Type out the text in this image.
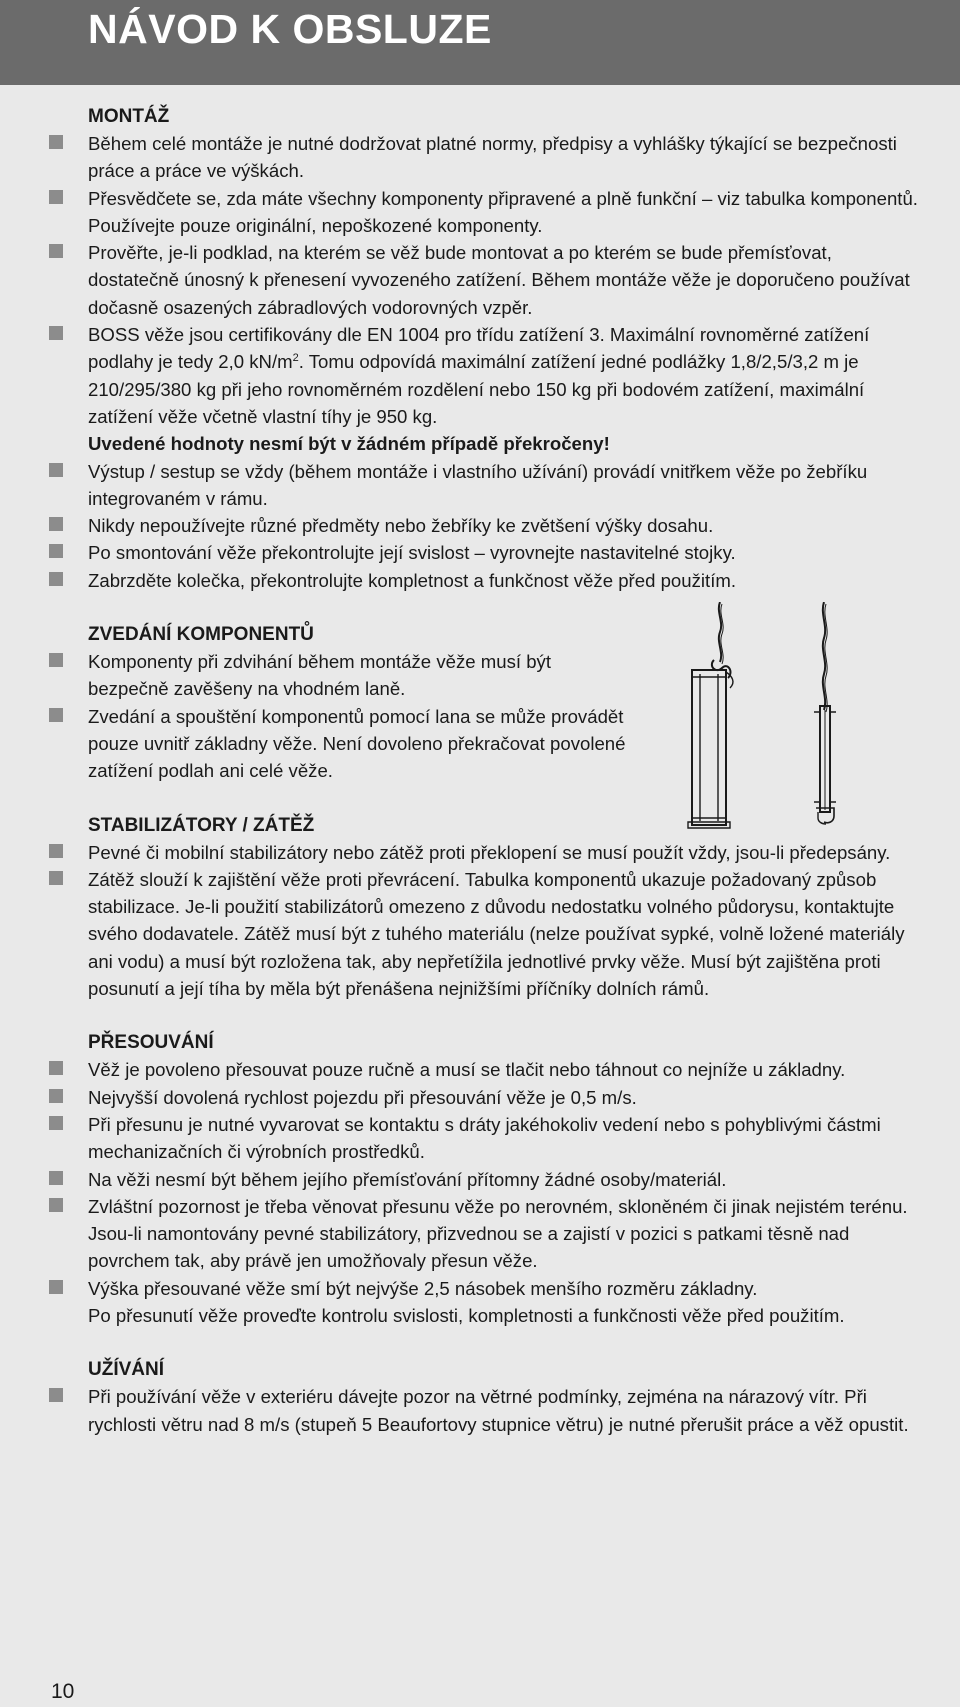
NÁVOD K OBSLUZE

MONTÁŽ

Během celé montáže je nutné dodržovat platné normy, předpisy a vyhlášky týkající se bezpečnosti práce a práce ve výškách.
Přesvědčete se, zda máte všechny komponenty připravené a plně funkční – viz tabulka komponentů. Používejte pouze originální, nepoškozené komponenty.
Prověřte, je-li podklad, na kterém se věž bude montovat a po kterém se bude přemísťovat, dostatečně únosný k přenesení vyvozeného zatížení. Během montáže věže je doporučeno používat dočasně osazených zábradlových vodorovných vzpěr.
BOSS věže jsou certifikovány dle EN 1004 pro třídu zatížení 3. Maximální rovnoměrné zatížení podlahy je tedy 2,0 $kN/m^2$. Tomu odpovídá maximální zatížení jedné podlážky 1,8/2,5/3,2 m je 210/295/380 kg při jeho rovnoměrném rozdělení nebo 150 kg při bodovém zatížení, maximální zatížení věže včetně vlastní tíhy je 950 kg.
Uvedené hodnoty nesmí být v žádném případě překročeny!
Výstup / sestup se vždy (během montáže i vlastního užívání) provádí vnitřkem věže po žebříku integrovaném v rámu.
Nikdy nepoužívejte různé předměty nebo žebříky ke zvětšení výšky dosahu.
Po smontování věže překontrolujte její svislost – vyrovnejte nastavitelné stojky.
Zabrzděte kolečka, překontrolujte kompletnost a funkčnost věže před použitím.

ZVEDÁNÍ KOMPONENTŮ

Komponenty při zdvihání během montáže věže musí být bezpečně zavěšeny na vhodném laně.
Zvedání a spouštění komponentů pomocí lana se může provádět pouze uvnitř základny věže. Není dovoleno překračovat povolené zatížení podlah ani celé věže.

STABILIZÁTORY / ZÁTĚŽ

Pevné či mobilní stabilizátory nebo zátěž proti překlopení se musí použít vždy, jsou-li předepsány.
Zátěž slouží k zajištění věže proti převrácení. Tabulka komponentů ukazuje požadovaný způsob stabilizace. Je-li použití stabilizátorů omezeno z důvodu nedostatku volného půdorysu, kontaktujte svého dodavatele. Zátěž musí být z tuhého materiálu (nelze používat sypké, volně ložené materiály ani vodu) a musí být rozložena tak, aby nepřetížila jednotlivé prvky věže. Musí být zajištěna proti posunutí a její tíha by měla být přenášena nejnižšími příčníky dolních rámů.

PŘESOUVÁNÍ

Věž je povoleno přesouvat pouze ručně a musí se tlačit nebo táhnout co nejníže u základny.
Nejvyšší dovolená rychlost pojezdu při přesouvání věže je 0,5 m/s.
Při přesunu je nutné vyvarovat se kontaktu s dráty jakéhokoliv vedení nebo s pohyblivými částmi mechanizačních či výrobních prostředků.
Na věži nesmí být během jejího přemísťování přítomny žádné osoby/materiál.
Zvláštní pozornost je třeba věnovat přesunu věže po nerovném, skloněném či jinak nejistém terénu. Jsou-li namontovány pevné stabilizátory, přizvednou se a zajistí v pozici s patkami těsně nad povrchem tak, aby právě jen umožňovaly přesun věže.
Výška přesouvané věže smí být nejvýše 2,5 násobek menšího rozměru základny.
Po přesunutí věže proveďte kontrolu svislosti, kompletnosti a funkčnosti věže před použitím.

UŽÍVÁNÍ

Při používání věže v exteriéru dávejte pozor na větrné podmínky, zejména na nárazový vítr. Při rychlosti větru nad 8 m/s (stupeň 5 Beaufortovy stupnice větru) je nutné přerušit práce a věž opustit.
10
